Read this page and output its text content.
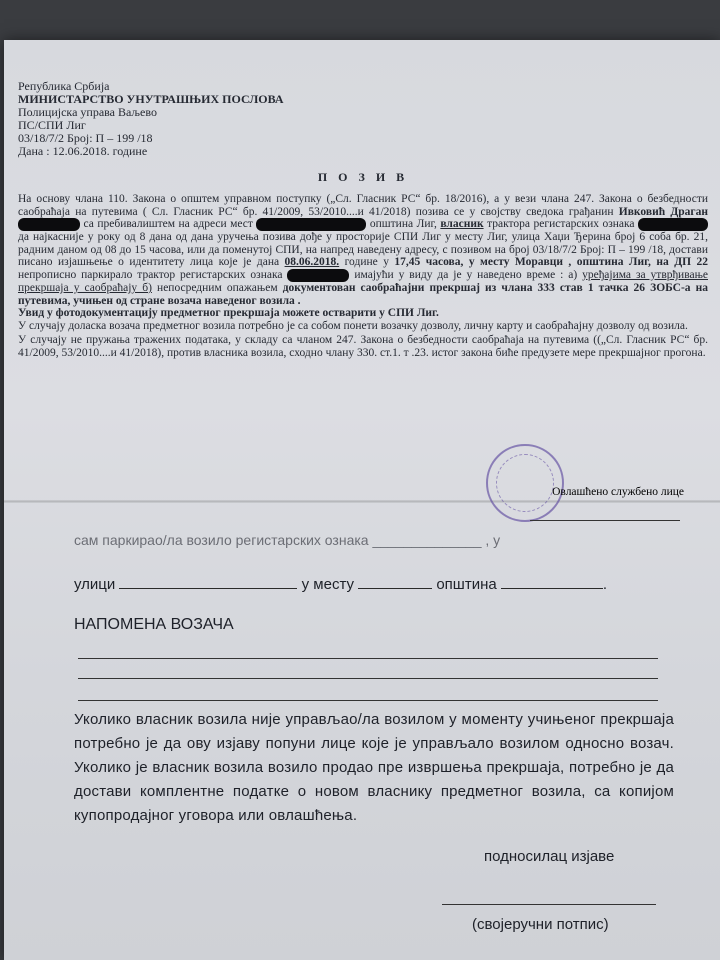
Република Србија
МИНИСТАРСТВО УНУТРАШЊИХ ПОСЛОВА
Полицијска управа Ваљево
ПС/СПИ Лиг
03/18/7/2 Број: П – 199 /18
Дана : 12.06.2018. године
П О З И В

На основу члана 110. Закона о општем управном поступку („Сл. Гласник РС“ бр. 18/2016), а у вези члана 247. Закона о безбедности саобраћаја на путевима ( Сл. Гласник РС“ бр. 41/2009, 53/2010....и 41/2018) позива се у својству сведока грађанин Ивковић Драган  са пребивалиштем на адреси мест	општина Лиг, власник трактора регистарских ознака  да најкасније у року од 8 дана од дана уручења позива дође у просторије СПИ Лиг у месту Лиг, улица Хаџи Ђерина број 6 соба бр. 21, радним даном од 08 до 15 часова, или да поменутој СПИ, на напред наведену адресу, с позивом на број 03/18/7/2 Број: П – 199 /18, достави писано изјашњење о идентитету лица које је дана 08.06.2018. године у 17,45 часова, у месту Моравци , општина Лиг, на ДП 22 непрописно паркирало трактор регистарских ознака	имајући у виду да је у наведено време : а) уређајима за утврђивање прекршаја у саобраћају б) непосредним опажањем документован саобраћајни прекршај из члана 333 став 1 тачка 26 ЗОБС-а на путевима, учињен од стране возача наведеног возила .

Увид у фотодокументацију предметног прекршаја можете остварити у СПИ Лиг.

У случају доласка возача предметног возила потребно је са собом понети возачку дозволу, личну карту и саобраћајну дозволу од возила.

У случају не пружања тражених података, у складу са чланом 247. Закона о безбедности саобраћаја на путевима ((„Сл. Гласник РС“ бр. 41/2009, 53/2010....и 41/2018), против власника возила, сходно члану 330. ст.1. т .23. истог закона биће предузете мере прекршајног прогона.

Овлашћено службено лице
сам паркирао/ла возило регистарских ознака ______________ , у
улици	у месту	општина	.
НАПОМЕНА ВОЗАЧА
Уколико власник возила није управљао/ла возилом у моменту учињеног прекршаја потребно је да ову изјаву попуни лице које је управљало возилом односно возач. Уколико је власник возила возило продао пре извршења прекршаја, потребно је да достави комплентне податке о новом власнику предметног возила, са копијом купопродајног уговора или овлашћења.
подносилац изјаве
(својеручни потпис)
